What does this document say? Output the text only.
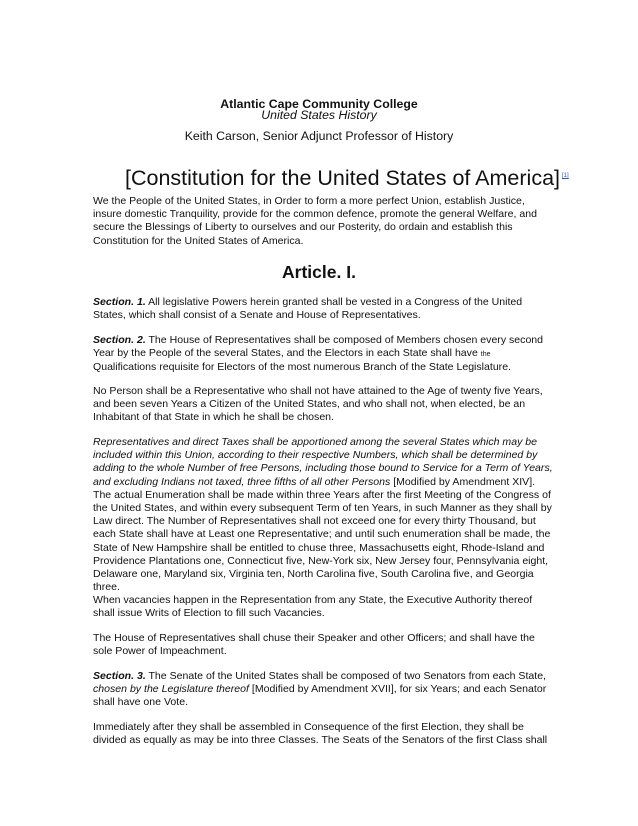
Atlantic Cape Community College
United States History
Keith Carson, Senior Adjunct Professor of History
[Constitution for the United States of America] [1]

We the People of the United States, in Order to form a more perfect Union, establish Justice, insure domestic Tranquility, provide for the common defence, promote the general Welfare, and secure the Blessings of Liberty to ourselves and our Posterity, do ordain and establish this Constitution for the United States of America.

Article. I.

Section. 1. All legislative Powers herein granted shall be vested in a Congress of the United States, which shall consist of a Senate and House of Representatives.

Section. 2. The House of Representatives shall be composed of Members chosen every second Year by the People of the several States, and the Electors in each State shall have the Qualifications requisite for Electors of the most numerous Branch of the State Legislature.

No Person shall be a Representative who shall not have attained to the Age of twenty five Years, and been seven Years a Citizen of the United States, and who shall not, when elected, be an Inhabitant of that State in which he shall be chosen.

Representatives and direct Taxes shall be apportioned among the several States which may be included within this Union, according to their respective Numbers, which shall be determined by adding to the whole Number of free Persons, including those bound to Service for a Term of Years, and excluding Indians not taxed, three fifths of all other Persons [Modified by Amendment XIV]. The actual Enumeration shall be made within three Years after the first Meeting of the Congress of the United States, and within every subsequent Term of ten Years, in such Manner as they shall by Law direct. The Number of Representatives shall not exceed one for every thirty Thousand, but each State shall have at Least one Representative; and until such enumeration shall be made, the State of New Hampshire shall be entitled to chuse three, Massachusetts eight, Rhode-Island and Providence Plantations one, Connecticut five, New-York six, New Jersey four, Pennsylvania eight, Delaware one, Maryland six, Virginia ten, North Carolina five, South Carolina five, and Georgia three.

When vacancies happen in the Representation from any State, the Executive Authority thereof shall issue Writs of Election to fill such Vacancies.

The House of Representatives shall chuse their Speaker and other Officers; and shall have the sole Power of Impeachment.

Section. 3. The Senate of the United States shall be composed of two Senators from each State, chosen by the Legislature thereof [Modified by Amendment XVII], for six Years; and each Senator shall have one Vote.

Immediately after they shall be assembled in Consequence of the first Election, they shall be divided as equally as may be into three Classes. The Seats of the Senators of the first Class shall
